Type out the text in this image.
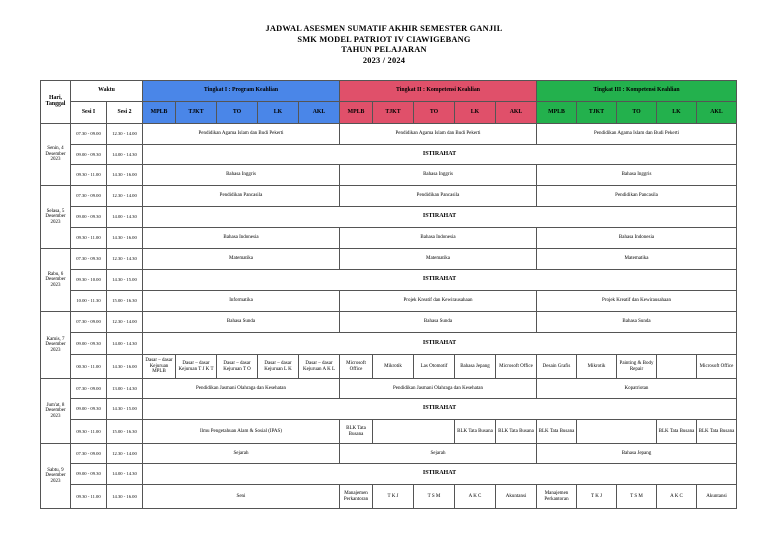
JADWAL ASESMEN SUMATIF AKHIR SEMESTER GANJIL
SMK MODEL PATRIOT IV CIAWIGEBANG
TAHUN PELAJARAN
2023 / 2024
Hari, Tanggal	Waktu		Tingkat I : Program Keahlian					Tingkat II : Kompetensi Keahlian					Tingkat III : Kompetensi Keahlian				
	Sesi I	Sesi 2	MPLB	TJKT	TO	LK	AKL	MPLB	TJKT	TO	LK	AKL	MPLB	TJKT	TO	LK	AKL
Senin, 4 Desember 2023	07.30 - 09.00	12.30 - 14.00	Pendidikan Agama Islam dan Budi Pekerti					Pendidikan Agama Islam dan Budi Pekerti					Pendidikan Agama Islam dan Budi Pekerti				
	09.00 - 09.30	14.00 - 14.30	ISTIRAHAT														
	09.30 - 11.00	14.30 - 16.00	Bahasa Inggris					Bahasa Inggris					Bahasa Inggris				
Selasa, 5 Desember 2023	07.30 - 09.00	12.30 - 14.00	Pendidikan Pancasila					Pendidikan Pancasila					Pendidikan Pancasila				
	09.00 - 09.30	14.00 - 14.30	ISTIRAHAT														
	09.30 - 11.00	14.30 - 16.00	Bahasa Indonesia					Bahasa Indonesia					Bahasa Indonesia				
Rabu, 6 Desember 2023	07.30 - 09.30	12.30 - 14.30	Matematika					Matematika					Matematika				
	09.30 - 10.00	14.30 - 15.00	ISTIRAHAT														
	10.00 - 11.30	15.00 - 16.30	Informatika					Projek Kreatif dan Kewirausahaan					Projek Kreatif dan Kewirausahaan				
Kamis, 7 Desember 2023	07.30 - 09.00	12.30 - 14.00	Bahasa Sunda					Bahasa Sunda					Bahasa Sunda				
	09.00 - 09.30	14.00 - 14.30	ISTIRAHAT														
	00.30 - 11.00	14.30 - 16.00	Dasar – dasar Kejuruan MPLB	Dasar – dasar Kejuruan T J K T	Dasar – dasar Kejuruan T O	Dasar – dasar Kejuruan L K	Dasar – dasar Kejuruan A K L	Microsoft Office	Mikrotik	Las Otomotif	Bahasa Jepang	Microsoft Office	Desain Grafis	Mikrotik	Painting & Body Repair		Microsoft Office
Jum'at, 8 Desember 2023	07.30 - 09.00	13.00 - 14.30	Pendidikan Jasmani Olahraga dan Kesehatan					Pendidikan Jasmani Olahraga dan Kesehatan					Kopatriotan				
	09.00 - 09.30	14.30 - 15.00	ISTIRAHAT														
	09.30 - 11.00	15.00 - 16.30	Ilmu Pengetahuan Alam & Sosial (IPAS)					BLK Tata Busana			BLK Tata Busana	BLK Tata Busana	BLK Tata Busana			BLK Tata Busana	BLK Tata Busana
Sabtu, 9 Desember 2023	07.30 - 09.00	12.30 - 14.00	Sejarah					Sejarah					Bahasa Jepang				
	09.00 - 09.30	14.00 - 14.30	ISTIRAHAT														
	09.30 - 11.00	14.30 - 16.00	Seni					Manajemen Perkantoran	T K J	T S M	A K C	Akuntansi	Manajemen Perkantoran	T K J	T S M	A K C	Akuntansi
